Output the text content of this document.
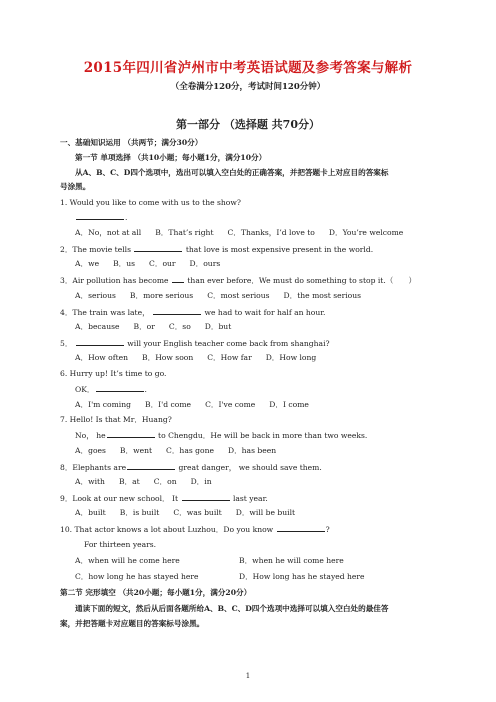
2015年四川省泸州市中考英语试题及参考答案与解析
（全卷满分120分，考试时间120分钟）
第一部分 （选择题 共70分）
一、基础知识运用 （共两节；满分30分）
第一节 单项选择 （共10小题；每小题1分，满分10分）
从A、B、C、D四个选项中，选出可以填入空白处的正确答案，并把答题卡上对应目的答案标
号涂黑。
1. Would you like to come with us to the show?
.
A．No，not at all B．That’s right C．Thanks，I’d love to D．You’re welcome
2．The movie tells	that love is most expensive present in the world.
A．we B．us C．our D．ours
3．Air pollution has become than ever before．We must do something to stop it.（　　）
A．serious B．more serious C．most serious D．the most serious
4．The train was late，	we had to wait for half an hour.
A．because B．or C．so D．but
5．	will your English teacher come back from shanghai?
A．How often B．How soon C．How far D．How long
6. Hurry up! It’s time to go.
OK．	.
A．I'm coming B．I'd come C．I've come D．I come
7. Hello! Is that Mr．Huang?
No， he	to Chengdu．He will be back in more than two weeks.
A．goes B．went C．has gone D．has been
8．Elephants are	great danger， we should save them.
A．with B．at C．on D．in
9．Look at our new school． It	last year.
A．built B．is built C．was built D．will be built
10. That actor knows a lot about Luzhou．Do you know	?
For thirteen years.
A．when will he come here	B．when he will come here
C．how long he has stayed here	D．How long has he stayed here
第二节 完形填空 （共20小题；每小题1分，满分20分）
通读下面的短文，然后从后面各题所给A、B、C、D四个选项中选择可以填入空白处的最佳答
案，并把答题卡对应题目的答案标号涂黑。
1
